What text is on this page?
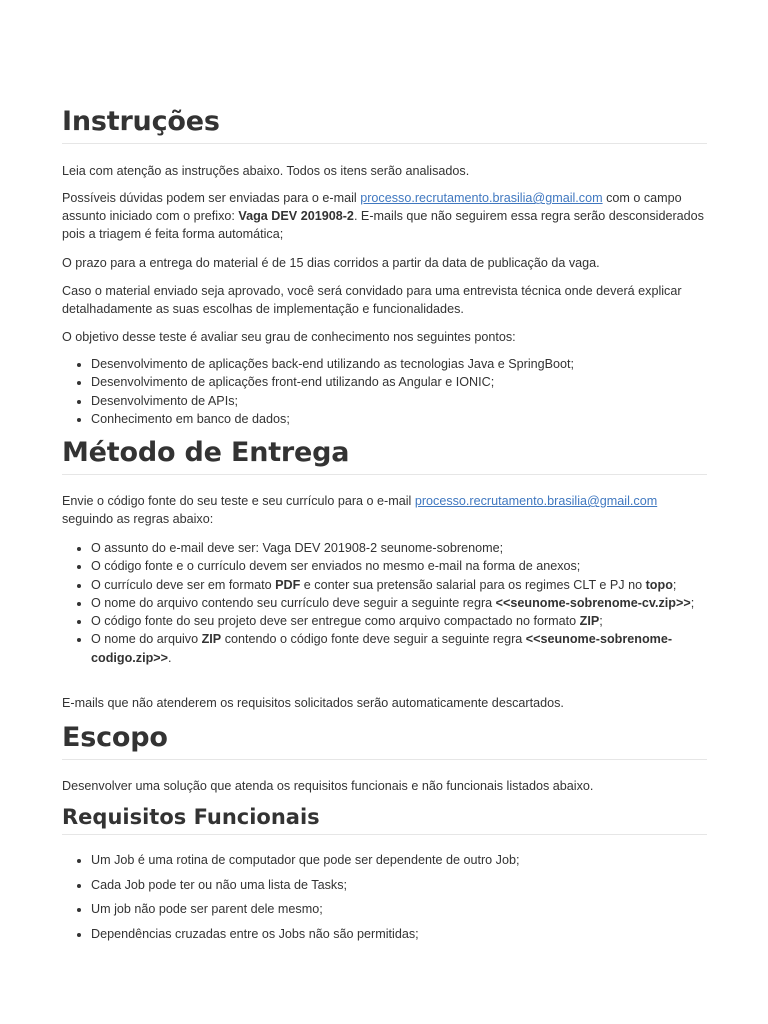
Instruções

Leia com atenção as instruções abaixo. Todos os itens serão analisados.

Possíveis dúvidas podem ser enviadas para o e-mail processo.recrutamento.brasilia@gmail.com com o campo assunto iniciado com o prefixo: Vaga DEV 201908-2. E-mails que não seguirem essa regra serão desconsiderados pois a triagem é feita forma automática;

O prazo para a entrega do material é de 15 dias corridos a partir da data de publicação da vaga.

Caso o material enviado seja aprovado, você será convidado para uma entrevista técnica onde deverá explicar detalhadamente as suas escolhas de implementação e funcionalidades.

O objetivo desse teste é avaliar seu grau de conhecimento nos seguintes pontos:

• Desenvolvimento de aplicações back-end utilizando as tecnologias Java e SpringBoot;
• Desenvolvimento de aplicações front-end utilizando as Angular e IONIC;
• Desenvolvimento de APIs;
• Conhecimento em banco de dados;
Método de Entrega

Envie o código fonte do seu teste e seu currículo para o e-mail processo.recrutamento.brasilia@gmail.com seguindo as regras abaixo:

• O assunto do e-mail deve ser: Vaga DEV 201908-2 seunome-sobrenome;
• O código fonte e o currículo devem ser enviados no mesmo e-mail na forma de anexos;
• O currículo deve ser em formato PDF e conter sua pretensão salarial para os regimes CLT e PJ no topo;
• O nome do arquivo contendo seu currículo deve seguir a seguinte regra <<seunome-sobrenome-cv.zip>>;
• O código fonte do seu projeto deve ser entregue como arquivo compactado no formato ZIP;
• O nome do arquivo ZIP contendo o código fonte deve seguir a seguinte regra <<seunome-sobrenome-codigo.zip>>.

E-mails que não atenderem os requisitos solicitados serão automaticamente descartados.

Escopo

Desenvolver uma solução que atenda os requisitos funcionais e não funcionais listados abaixo.

Requisitos Funcionais
• Um Job é uma rotina de computador que pode ser dependente de outro Job;
• Cada Job pode ter ou não uma lista de Tasks;
• Um job não pode ser parent dele mesmo;
• Dependências cruzadas entre os Jobs não são permitidas;
